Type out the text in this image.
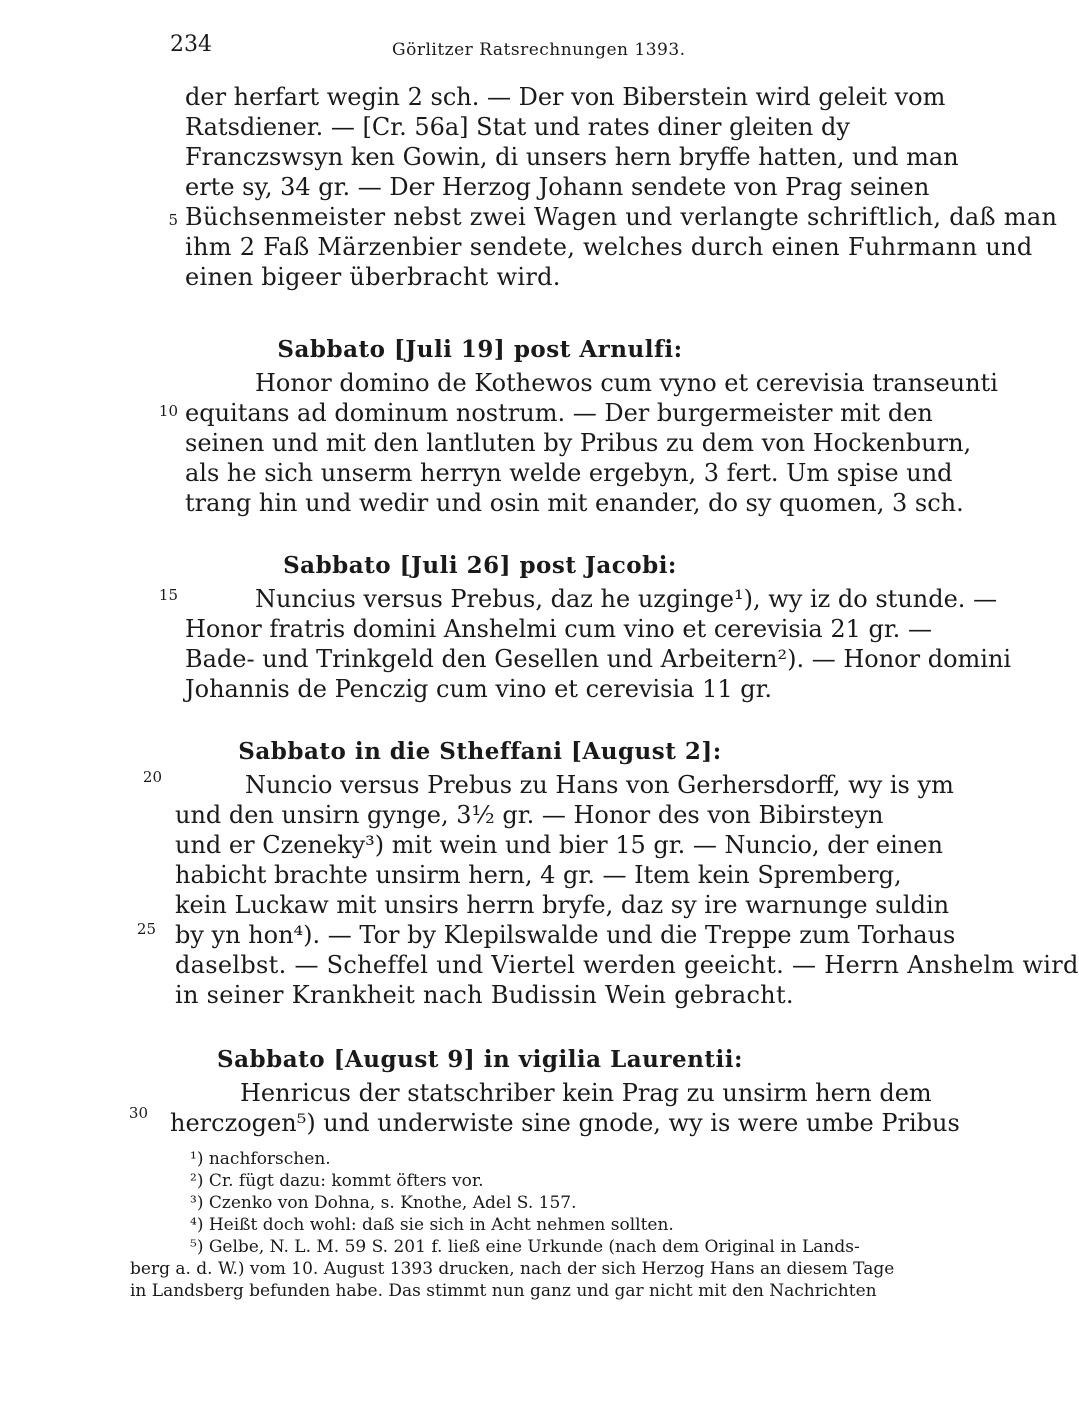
234	Görlitzer Ratsrechnungen 1393.
der herfart wegin 2 sch. — Der von Biberstein wird geleit vom
Ratsdiener. — [Cr. 56a] Stat und rates diner gleiten dy
Franczswsyn ken Gowin, di unsers hern bryffe hatten, und man
erte sy, 34 gr. — Der Herzog Johann sendete von Prag seinen
Büchsenmeister nebst zwei Wagen und verlangte schriftlich, daß man
ihm 2 Faß Märzenbier sendete, welches durch einen Fuhrmann und
einen bigeer überbracht wird.
5
Sabbato [Juli 19] post Arnulfi:
Honor domino de Kothewos cum vyno et cerevisia transeunti
equitans ad dominum nostrum. — Der burgermeister mit den
seinen und mit den lantluten by Pribus zu dem von Hockenburn,
als he sich unserm herryn welde ergebyn, 3 fert. Um spise und
trang hin und wedir und osin mit enander, do sy quomen, 3 sch.
10
Sabbato [Juli 26] post Jacobi:
Nuncius versus Prebus, daz he uzginge¹), wy iz do stunde. —
Honor fratris domini Anshelmi cum vino et cerevisia 21 gr. —
Bade- und Trinkgeld den Gesellen und Arbeitern²). — Honor domini
Johannis de Penczig cum vino et cerevisia 11 gr.
15
Sabbato in die Stheffani [August 2]:
Nuncio versus Prebus zu Hans von Gerhersdorff, wy is ym
und den unsirn gynge, 3½ gr. — Honor des von Bibirsteyn
und er Czeneky³) mit wein und bier 15 gr. — Nuncio, der einen
habicht brachte unsirm hern, 4 gr. — Item kein Spremberg,
kein Luckaw mit unsirs herrn bryfe, daz sy ire warnunge suldin
by yn hon⁴). — Tor by Klepilswalde und die Treppe zum Torhaus
daselbst. — Scheffel und Viertel werden geeicht. — Herrn Anshelm wird
in seiner Krankheit nach Budissin Wein gebracht.
20
25
Sabbato [August 9] in vigilia Laurentii:
Henricus der statschriber kein Prag zu unsirm hern dem
herczogen⁵) und underwiste sine gnode, wy is were umbe Pribus
30
¹) nachforschen.
²) Cr. fügt dazu: kommt öfters vor.
³) Czenko von Dohna, s. Knothe, Adel S. 157.
⁴) Heißt doch wohl: daß sie sich in Acht nehmen sollten.
⁵) Gelbe, N. L. M. 59 S. 201 f. ließ eine Urkunde (nach dem Original in Lands-
berg a. d. W.) vom 10. August 1393 drucken, nach der sich Herzog Hans an diesem Tage
in Landsberg befunden habe. Das stimmt nun ganz und gar nicht mit den Nachrichten
